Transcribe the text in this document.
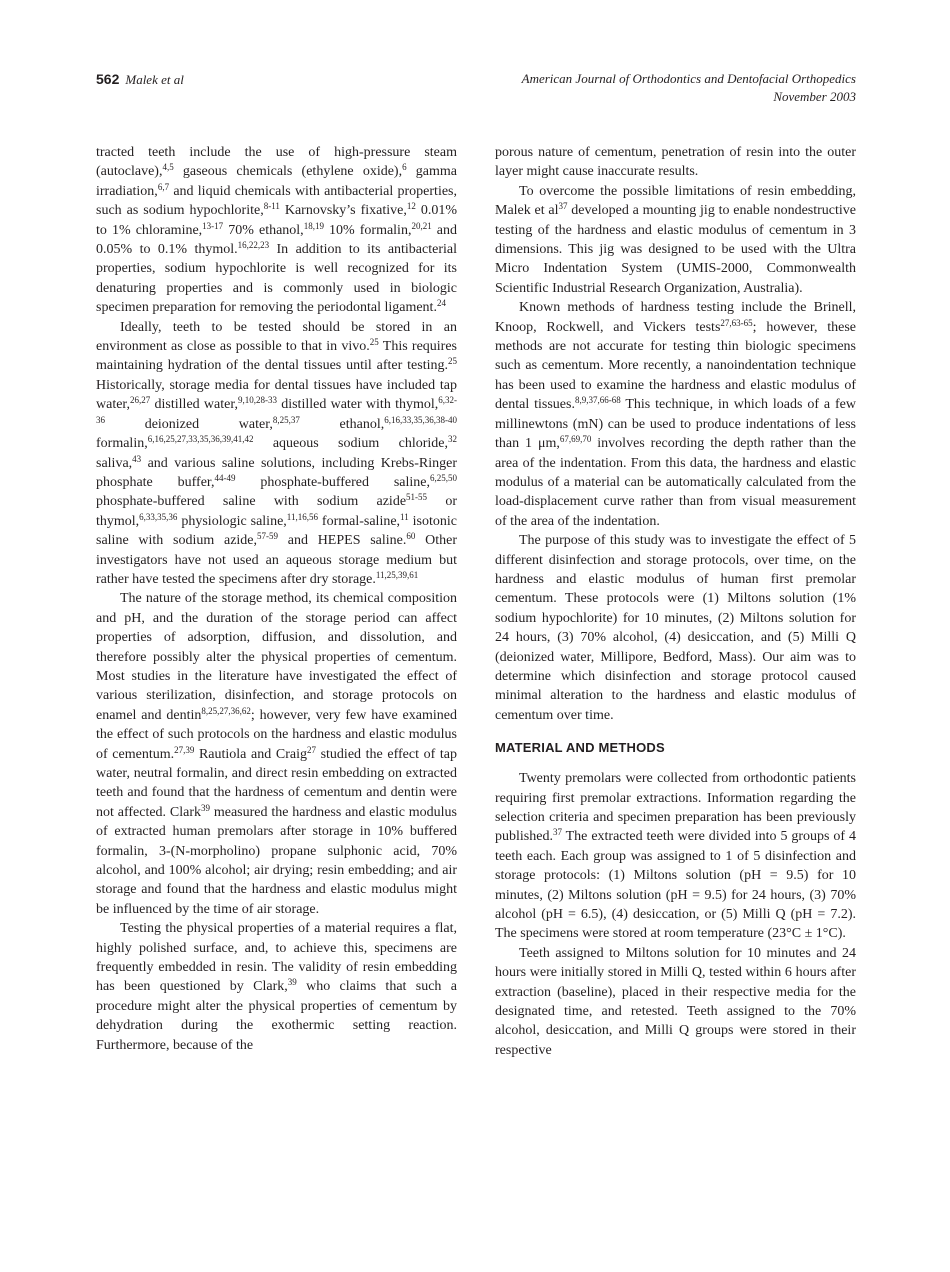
562 Malek et al	American Journal of Orthodontics and Dentofacial Orthopedics
November 2003

tracted teeth include the use of high-pressure steam (autoclave),$^{4,5}$ gaseous chemicals (ethylene oxide),$^6$ gamma irradiation,$^{6,7}$ and liquid chemicals with antibacterial properties, such as sodium hypochlorite,$^{8-11}$ Karnovsky’s fixative,$^{12}$ 0.01% to 1% chloramine,$^{13-17}$ 70% ethanol,$^{18,19}$ 10% formalin,$^{20,21}$ and 0.05% to 0.1% thymol.$^{16,22,23}$ In addition to its antibacterial properties, sodium hypochlorite is well recognized for its denaturing properties and is commonly used in biologic specimen preparation for removing the periodontal ligament.$^{24}$

Ideally, teeth to be tested should be stored in an environment as close as possible to that in vivo.$^{25}$ This requires maintaining hydration of the dental tissues until after testing.$^{25}$ Historically, storage media for dental tissues have included tap water,$^{26,27}$ distilled water,$^{9,10,28-33}$ distilled water with thymol,$^{6,32-36}$ deionized water,$^{8,25,37}$ ethanol,$^{6,16,33,35,36,38-40}$ formalin,$^{6,16,25,27,33,35,36,39,41,42}$ aqueous sodium chloride,$^{32}$ saliva,$^{43}$ and various saline solutions, including Krebs-Ringer phosphate buffer,$^{44-49}$ phosphate-buffered saline,$^{6,25,50}$ phosphate-buffered saline with sodium azide$^{51-55}$ or thymol,$^{6,33,35,36}$ physiologic saline,$^{11,16,56}$ formal-saline,$^{11}$ isotonic saline with sodium azide,$^{57-59}$ and HEPES saline.$^{60}$ Other investigators have not used an aqueous storage medium but rather have tested the specimens after dry storage.$^{11,25,39,61}$

The nature of the storage method, its chemical composition and pH, and the duration of the storage period can affect properties of adsorption, diffusion, and dissolution, and therefore possibly alter the physical properties of cementum. Most studies in the literature have investigated the effect of various sterilization, disinfection, and storage protocols on enamel and dentin$^{8,25,27,36,62}$; however, very few have examined the effect of such protocols on the hardness and elastic modulus of cementum.$^{27,39}$ Rautiola and Craig$^{27}$ studied the effect of tap water, neutral formalin, and direct resin embedding on extracted teeth and found that the hardness of cementum and dentin were not affected. Clark$^{39}$ measured the hardness and elastic modulus of extracted human premolars after storage in 10% buffered formalin, 3-(N-morpholino) propane sulphonic acid, 70% alcohol, and 100% alcohol; air drying; resin embedding; and air storage and found that the hardness and elastic modulus might be influenced by the time of air storage.

Testing the physical properties of a material requires a flat, highly polished surface, and, to achieve this, specimens are frequently embedded in resin. The validity of resin embedding has been questioned by Clark,$^{39}$ who claims that such a procedure might alter the physical properties of cementum by dehydration during the exothermic setting reaction. Furthermore, because of the

porous nature of cementum, penetration of resin into the outer layer might cause inaccurate results.

To overcome the possible limitations of resin embedding, Malek et $al^{37}$ developed a mounting jig to enable nondestructive testing of the hardness and elastic modulus of cementum in 3 dimensions. This jig was designed to be used with the Ultra Micro Indentation System (UMIS-2000, Commonwealth Scientific Industrial Research Organization, Australia).

Known methods of hardness testing include the Brinell, Knoop, Rockwell, and Vickers tests$^{27,63-65}$; however, these methods are not accurate for testing thin biologic specimens such as cementum. More recently, a nanoindentation technique has been used to examine the hardness and elastic modulus of dental tissues.$^{8,9,37,66-68}$ This technique, in which loads of a few millinewtons (mN) can be used to produce indentations of less than 1 μm,$^{67,69,70}$ involves recording the depth rather than the area of the indentation. From this data, the hardness and elastic modulus of a material can be automatically calculated from the load-displacement curve rather than from visual measurement of the area of the indentation.

The purpose of this study was to investigate the effect of 5 different disinfection and storage protocols, over time, on the hardness and elastic modulus of human first premolar cementum. These protocols were (1) Miltons solution (1% sodium hypochlorite) for 10 minutes, (2) Miltons solution for 24 hours, (3) 70% alcohol, (4) desiccation, and (5) Milli Q (deionized water, Millipore, Bedford, Mass). Our aim was to determine which disinfection and storage protocol caused minimal alteration to the hardness and elastic modulus of cementum over time.

MATERIAL AND METHODS

Twenty premolars were collected from orthodontic patients requiring first premolar extractions. Information regarding the selection criteria and specimen preparation has been previously published.$^{37}$ The extracted teeth were divided into 5 groups of 4 teeth each. Each group was assigned to 1 of 5 disinfection and storage protocols: (1) Miltons solution (pH = 9.5) for 10 minutes, (2) Miltons solution (pH = 9.5) for 24 hours, (3) 70% alcohol (pH = 6.5), (4) desiccation, or (5) Milli Q (pH = 7.2). The specimens were stored at room temperature (23°C ± 1°C).

Teeth assigned to Miltons solution for 10 minutes and 24 hours were initially stored in Milli Q, tested within 6 hours after extraction (baseline), placed in their respective media for the designated time, and retested. Teeth assigned to the 70% alcohol, desiccation, and Milli Q groups were stored in their respective
